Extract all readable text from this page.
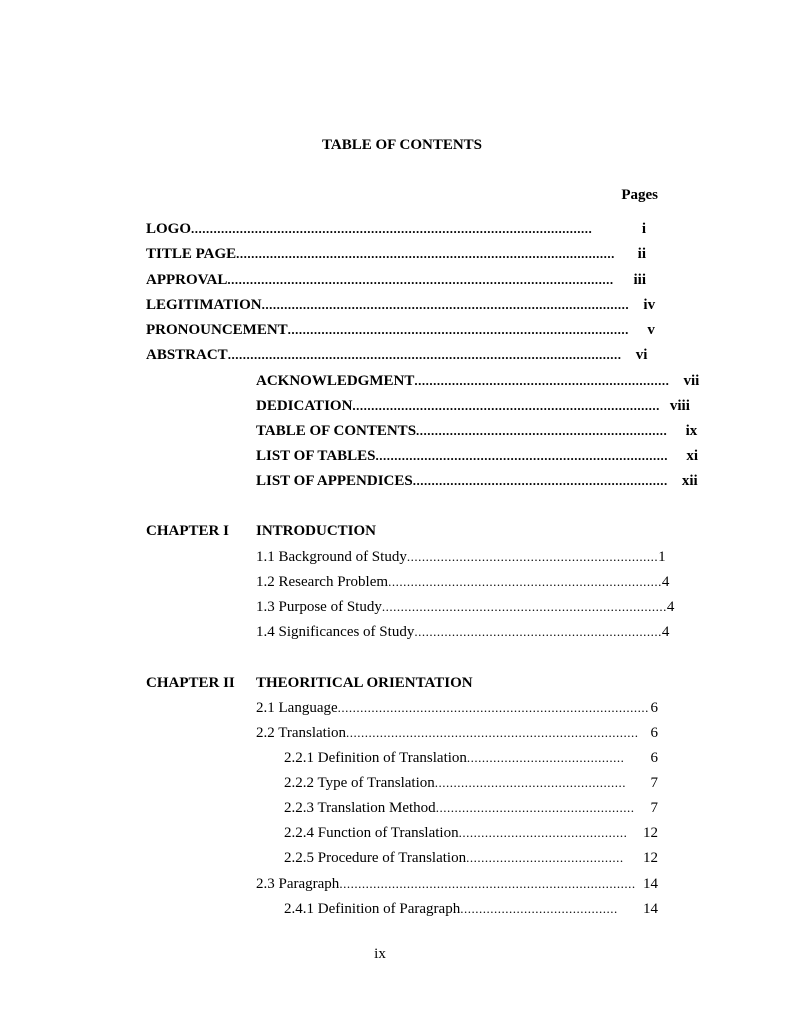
TABLE OF CONTENTS
Pages
LOGO ...........................................................................................................	i
TITLE PAGE .....................................................................................................	ii
APPROVAL .......................................................................................................	iii
LEGITIMATION .................................................................................................. iv
PRONOUNCEMENT ...........................................................................................	v
ABSTRACT ......................................................................................................... vi
ACKNOWLEDGMENT .................................................................... vii
DEDICATION .................................................................................. viii
TABLE OF CONTENTS ...................................................................	ix
LIST OF TABLES ..............................................................................	xi
LIST OF APPENDICES .................................................................... xii
CHAPTER I INTRODUCTION
1.1 Background of Study ................................................................... 1
1.2 Research Problem ......................................................................... 4
1.3 Purpose of Study ............................................................................ 4
1.4 Significances of Study .................................................................. 4
CHAPTER II THEORITICAL ORIENTATION
2.1 Language ................................................................................... 6
2.2 Translation .............................................................................. 6
2.2.1 Definition of Translation ..........................................	6
2.2.2 Type of Translation ...................................................	7
2.2.3 Translation Method .....................................................	7
2.2.4 Function of Translation .............................................	12
2.2.5 Procedure of Translation ..........................................	12
2.3 Paragraph ............................................................................... 14
2.4.1 Definition of Paragraph ..........................................	14
ix
